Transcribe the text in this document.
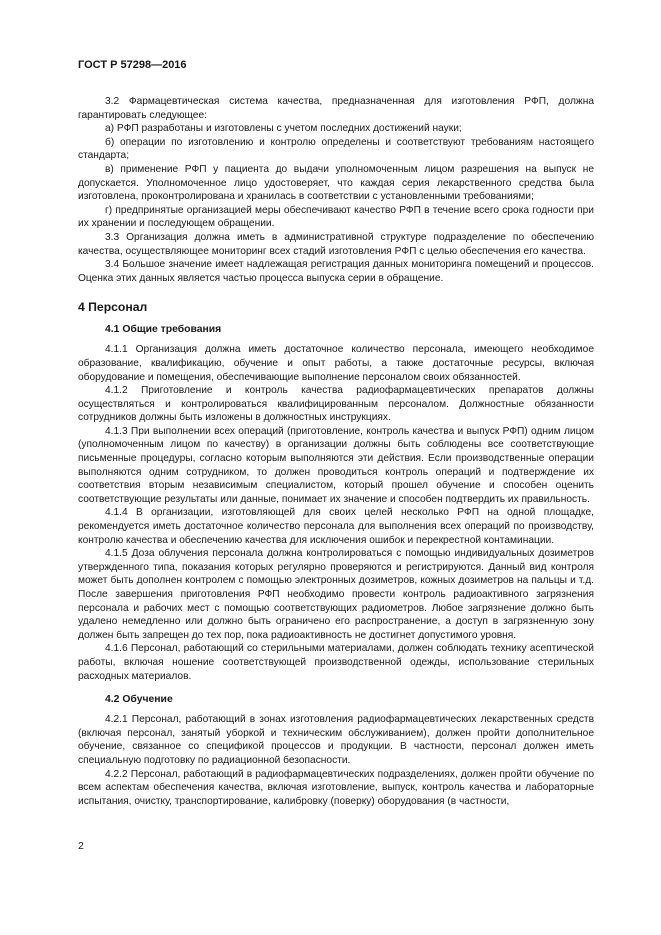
ГОСТ Р 57298—2016

3.2 Фармацевтическая система качества, предназначенная для изготовления РФП, должна гарантировать следующее:

а) РФП разработаны и изготовлены с учетом последних достижений науки;

б) операции по изготовлению и контролю определены и соответствуют требованиям настоящего стандарта;

в) применение РФП у пациента до выдачи уполномоченным лицом разрешения на выпуск не допускается. Уполномоченное лицо удостоверяет, что каждая серия лекарственного средства была изготовлена, проконтролирована и хранилась в соответствии с установленными требованиями;

г) предпринятые организацией меры обеспечивают качество РФП в течение всего срока годности при их хранении и последующем обращении.

3.3 Организация должна иметь в административной структуре подразделение по обеспечению качества, осуществляющее мониторинг всех стадий изготовления РФП с целью обеспечения его качества.

3.4 Большое значение имеет надлежащая регистрация данных мониторинга помещений и процессов. Оценка этих данных является частью процесса выпуска серии в обращение.

4 Персонал
4.1 Общие требования

4.1.1 Организация должна иметь достаточное количество персонала, имеющего необходимое образование, квалификацию, обучение и опыт работы, а также достаточные ресурсы, включая оборудование и помещения, обеспечивающие выполнение персоналом своих обязанностей.

4.1.2 Приготовление и контроль качества радиофармацевтических препаратов должны осуществляться и контролироваться квалифицированным персоналом. Должностные обязанности сотрудников должны быть изложены в должностных инструкциях.

4.1.3 При выполнении всех операций (приготовление, контроль качества и выпуск РФП) одним лицом (уполномоченным лицом по качеству) в организации должны быть соблюдены все соответствующие письменные процедуры, согласно которым выполняются эти действия. Если производственные операции выполняются одним сотрудником, то должен проводиться контроль операций и подтверждение их соответствия вторым независимым специалистом, который прошел обучение и способен оценить соответствующие результаты или данные, понимает их значение и способен подтвердить их правильность.

4.1.4 В организации, изготовляющей для своих целей несколько РФП на одной площадке, рекомендуется иметь достаточное количество персонала для выполнения всех операций по производству, контролю качества и обеспечению качества для исключения ошибок и перекрестной контаминации.

4.1.5 Доза облучения персонала должна контролироваться с помощью индивидуальных дозиметров утвержденного типа, показания которых регулярно проверяются и регистрируются. Данный вид контроля может быть дополнен контролем с помощью электронных дозиметров, кожных дозиметров на пальцы и т.д. После завершения приготовления РФП необходимо провести контроль радиоактивного загрязнения персонала и рабочих мест с помощью соответствующих радиометров. Любое загрязнение должно быть удалено немедленно или должно быть ограничено его распространение, а доступ в загрязненную зону должен быть запрещен до тех пор, пока радиоактивность не достигнет допустимого уровня.

4.1.6 Персонал, работающий со стерильными материалами, должен соблюдать технику асептической работы, включая ношение соответствующей производственной одежды, использование стерильных расходных материалов.

4.2 Обучение

4.2.1 Персонал, работающий в зонах изготовления радиофармацевтических лекарственных средств (включая персонал, занятый уборкой и техническим обслуживанием), должен пройти дополнительное обучение, связанное со спецификой процессов и продукции. В частности, персонал должен иметь специальную подготовку по радиационной безопасности.

4.2.2 Персонал, работающий в радиофармацевтических подразделениях, должен пройти обучение по всем аспектам обеспечения качества, включая изготовление, выпуск, контроль качества и лабораторные испытания, очистку, транспортирование, калибровку (поверку) оборудования (в частности,

2
